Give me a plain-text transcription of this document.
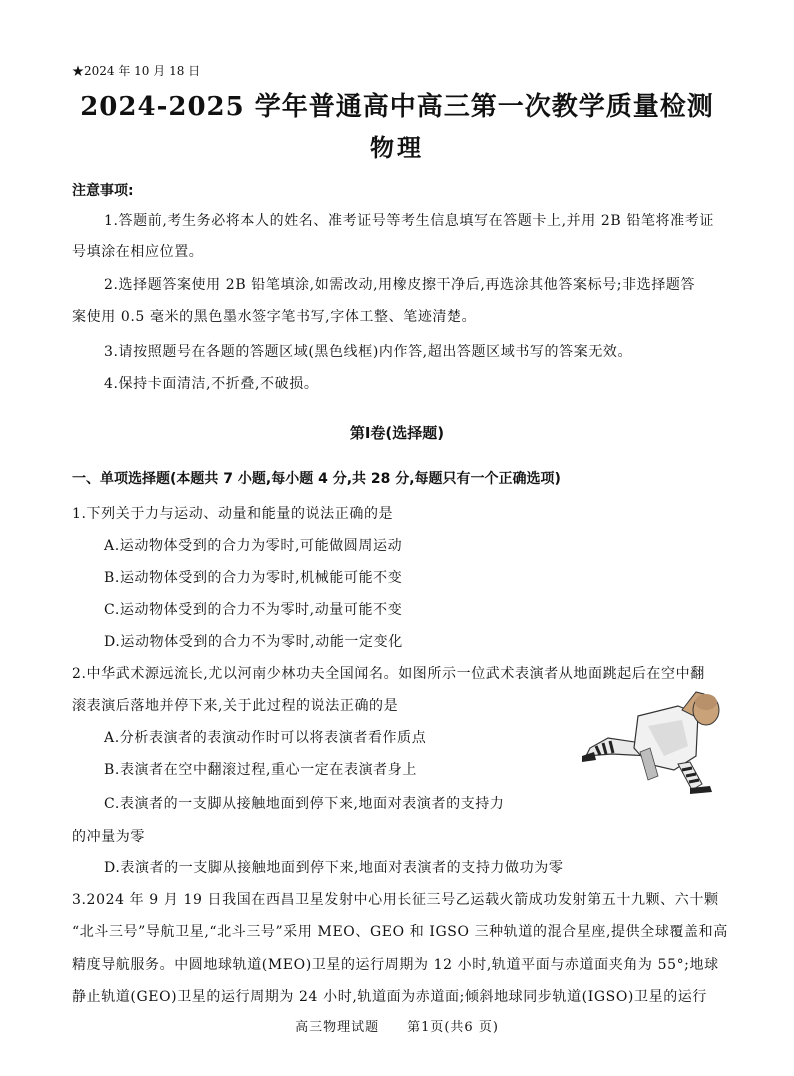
★2024 年 10 月 18 日
2024-2025 学年普通高中高三第一次教学质量检测
物理
注意事项:
1.答题前,考生务必将本人的姓名、准考证号等考生信息填写在答题卡上,并用 2B 铅笔将准考证
号填涂在相应位置。
2.选择题答案使用 2B 铅笔填涂,如需改动,用橡皮擦干净后,再选涂其他答案标号;非选择题答
案使用 0.5 毫米的黑色墨水签字笔书写,字体工整、笔迹清楚。
3.请按照题号在各题的答题区域(黑色线框)内作答,超出答题区域书写的答案无效。
4.保持卡面清洁,不折叠,不破损。
第Ⅰ卷(选择题)
一、单项选择题(本题共 7 小题,每小题 4 分,共 28 分,每题只有一个正确选项)
1.下列关于力与运动、动量和能量的说法正确的是
A.运动物体受到的合力为零时,可能做圆周运动
B.运动物体受到的合力为零时,机械能可能不变
C.运动物体受到的合力不为零时,动量可能不变
D.运动物体受到的合力不为零时,动能一定变化
2.中华武术源远流长,尤以河南少林功夫全国闻名。如图所示一位武术表演者从地面跳起后在空中翻
滚表演后落地并停下来,关于此过程的说法正确的是
A.分析表演者的表演动作时可以将表演者看作质点
B.表演者在空中翻滚过程,重心一定在表演者身上
C.表演者的一支脚从接触地面到停下来,地面对表演者的支持力
的冲量为零
D.表演者的一支脚从接触地面到停下来,地面对表演者的支持力做功为零
3.2024 年 9 月 19 日我国在西昌卫星发射中心用长征三号乙运载火箭成功发射第五十九颗、六十颗
“北斗三号”导航卫星,“北斗三号”采用 MEO、GEO 和 IGSO 三种轨道的混合星座,提供全球覆盖和高
精度导航服务。中圆地球轨道(MEO)卫星的运行周期为 12 小时,轨道平面与赤道面夹角为 55°;地球
静止轨道(GEO)卫星的运行周期为 24 小时,轨道面为赤道面;倾斜地球同步轨道(IGSO)卫星的运行
高三物理试题　　第1页(共6 页)
